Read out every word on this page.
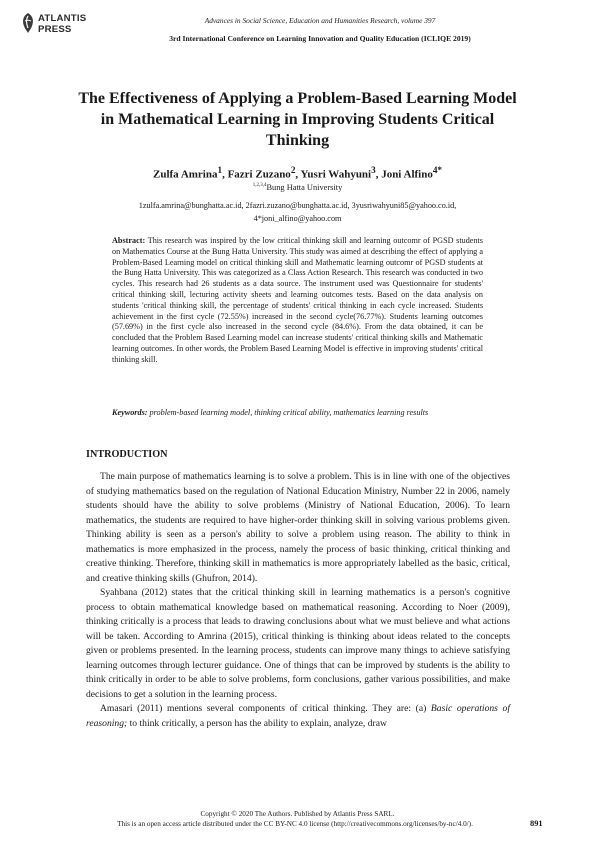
ATLANTIS
PRESS
Advances in Social Science, Education and Humanities Research, volume 397
3rd International Conference on Learning Innovation and Quality Education (ICLIQE 2019)
The Effectiveness of Applying a Problem-Based Learning Model in Mathematical Learning in Improving Students Critical Thinking
Zulfa Amrina$^1$, Fazri Zuzano$^2$, Yusri Wahyuni$^3$, Joni Alfino$^{4*}$
$^{1,2,3,4}$Bung Hatta University
1zulfa.amrina@bunghatta.ac.id, 2fazri.zuzano@bunghatta.ac.id, 3yusriwahyuni85@yahoo.co.id,
4*joni_alfino@yahoo.com
Abstract: This research was inspired by the low critical thinking skill and learning outcomr of PGSD students on Mathematics Course at the Bung Hatta University. This study was aimed at describing the effect of applying a Problem-Based Learning model on critical thinking skill and Mathematic learning outcomr of PGSD students at the Bung Hatta University. This was categorized as a Class Action Research. This research was conducted in two cycles. This research had 26 students as a data source. The instrument used was Questionnaire for students' critical thinking skill, lecturing activity sheets and learning outcomes tests. Based on the data analysis on students 'critical thinking skill, the percentage of students' critical thinking in each cycle increased. Students achievement in the first cycle (72.55%) increased in the second cycle(76.77%). Students learning outcomes (57.69%) in the first cycle also increased in the second cycle (84.6%). From the data obtained, it can be concluded that the Problem Based Learning model can increase students' critical thinking skills and Mathematic learning outcomes. In other words, the Problem Based Learning Model is effective in improving students' critical thinking skill.
Keywords: problem-based learning model, thinking critical ability, mathematics learning results
INTRODUCTION

The main purpose of mathematics learning is to solve a problem. This is in line with one of the objectives of studying mathematics based on the regulation of National Education Ministry, Number 22 in 2006, namely students should have the ability to solve problems (Ministry of National Education, 2006). To learn mathematics, the students are required to have higher-order thinking skill in solving various problems given. Thinking ability is seen as a person's ability to solve a problem using reason. The ability to think in mathematics is more emphasized in the process, namely the process of basic thinking, critical thinking and creative thinking. Therefore, thinking skill in mathematics is more appropriately labelled as the basic, critical, and creative thinking skills (Ghufron, 2014).

Syahbana (2012) states that the critical thinking skill in learning mathematics is a person's cognitive process to obtain mathematical knowledge based on mathematical reasoning. According to Noer (2009), thinking critically is a process that leads to drawing conclusions about what we must believe and what actions will be taken. According to Amrina (2015), critical thinking is thinking about ideas related to the concepts given or problems presented. In the learning process, students can improve many things to achieve satisfying learning outcomes through lecturer guidance. One of things that can be improved by students is the ability to think critically in order to be able to solve problems, form conclusions, gather various possibilities, and make decisions to get a solution in the learning process.

Amasari (2011) mentions several components of critical thinking. They are: (a) Basic operations of reasoning; to think critically, a person has the ability to explain, analyze, draw

Copyright © 2020 The Authors. Published by Atlantis Press SARL.
This is an open access article distributed under the CC BY-NC 4.0 license (http://creativecommons.org/licenses/by-nc/4.0/).	891
